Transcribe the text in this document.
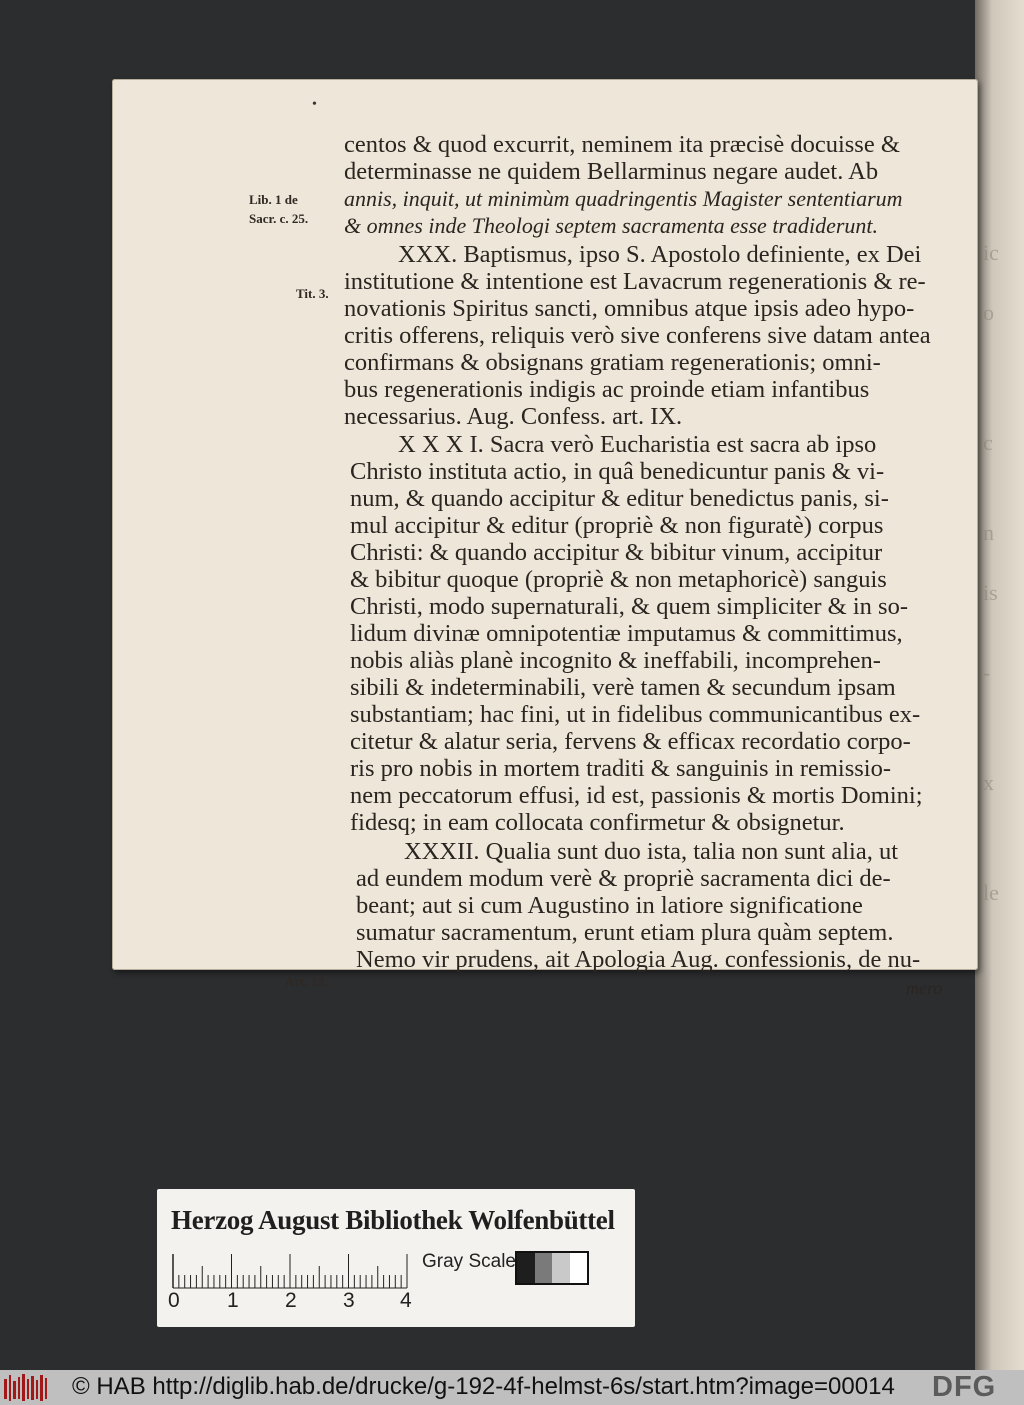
ic
o
c
n
is
-
x
le
•
Lib. 1 de
Sacr. c. 25.
Tit. 3.
Art. 13.
centos & quod excurrit, neminem ita præcisè docuisse &
determinasse ne quidem Bellarminus negare audet. Ab
annis, inquit, ut minimùm quadringentis Magister sententiarum
& omnes inde Theologi septem sacramenta esse tradiderunt.
XXX. Baptismus, ipso S. Apostolo definiente, ex Dei
institutione & intentione est Lavacrum regenerationis & re-
novationis Spiritus sancti, omnibus atque ipsis adeo hypo-
critis offerens, reliquis verò sive conferens sive datam antea
confirmans & obsignans gratiam regenerationis; omni-
bus regenerationis indigis ac proinde etiam infantibus
necessarius. Aug. Confess. art. IX.
X X X I. Sacra verò Eucharistia est sacra ab ipso
Christo instituta actio, in quâ benedicuntur panis & vi-
num, & quando accipitur & editur benedictus panis, si-
mul accipitur & editur (propriè & non figuratè) corpus
Christi: & quando accipitur & bibitur vinum, accipitur
& bibitur quoque (propriè & non metaphoricè) sanguis
Christi, modo supernaturali, & quem simpliciter & in so-
lidum divinæ omnipotentiæ imputamus & committimus,
nobis aliàs planè incognito & ineffabili, incomprehen-
sibili & indeterminabili, verè tamen & secundum ipsam
substantiam; hac fini, ut in fidelibus communicantibus ex-
citetur & alatur seria, fervens & efficax recordatio corpo-
ris pro nobis in mortem traditi & sanguinis in remissio-
nem peccatorum effusi, id est, passionis & mortis Domini;
fidesq; in eam collocata confirmetur & obsignetur.
XXXII. Qualia sunt duo ista, talia non sunt alia, ut
ad eundem modum verè & propriè sacramenta dici de-
beant; aut si cum Augustino in latiore significatione
sumatur sacramentum, erunt etiam plura quàm septem.
Nemo vir prudens, ait Apologia Aug. confessionis, de nu-
mero
Herzog August Bibliothek Wolfenbüttel
Gray Scale
0 1 2 3 4
© HAB http://diglib.hab.de/drucke/g-192-4f-helmst-6s/start.htm?image=00014 DFG
